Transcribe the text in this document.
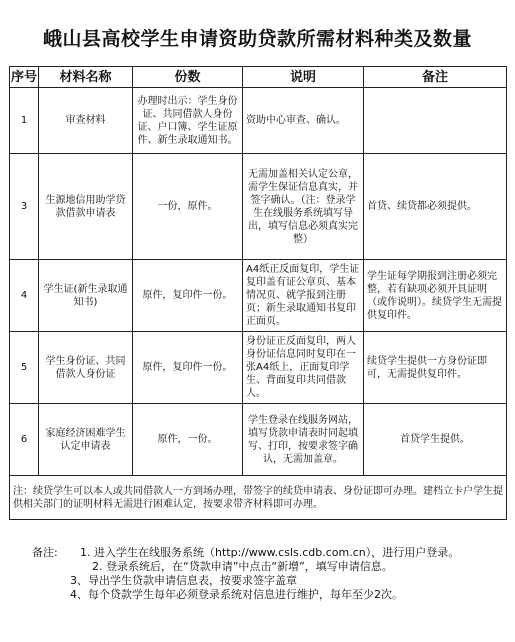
峨山县高校学生申请资助贷款所需材料种类及数量
序号	材料名称	份数	说明	备注
1	审查材料	办理时出示：学生身份证、共同借款人身份证、户口簿、学生证原件、新生录取通知书。	资助中心审查、确认。	
3	生源地信用助学贷款借款申请表	一份，原件。	无需加盖相关认定公章，需学生保证信息真实，并签字确认。（注：登录学生在线服务系统填写导出，填写信息必须真实完整）	首贷、续贷都必须提供。
4	学生证(新生录取通知书)	原件，复印件一份。	A4纸正反面复印，学生证复印盖有证公章页、基本情况页、就学报到注册页；新生录取通知书复印正面页。	学生证每学期报到注册必须完整，若有缺项必须开具证明（或作说明）。续贷学生无需提供复印件。
5	学生身份证、共同借款人身份证	原件，复印件一份。	身份证正反面复印，两人身份证信息同时复印在一张A4纸上，正面复印学生、背面复印共同借款人。	续贷学生提供一方身份证即可，无需提供复印件。
6	家庭经济困难学生认定申请表	原件，一份。	学生登录在线服务网站，填写贷款申请表时同起填写、打印，按要求签字确认，无需加盖章。	首贷学生提供。
注：续贷学生可以本人或共同借款人一方到场办理，带签字的续贷申请表、身份证即可办理。建档立卡户学生提供相关部门的证明材料无需进行困难认定，按要求带齐材料即可办理。				
备注: 1. 进入学生在线服务系统（http://www.csls.cdb.com.cn），进行用户登录。
2. 登录系统后，在“贷款申请”中点击“新增”，填写申请信息。
3、导出学生贷款申请信息表，按要求签字盖章
4、每个贷款学生每年必须登录系统对信息进行维护，每年至少2次。
